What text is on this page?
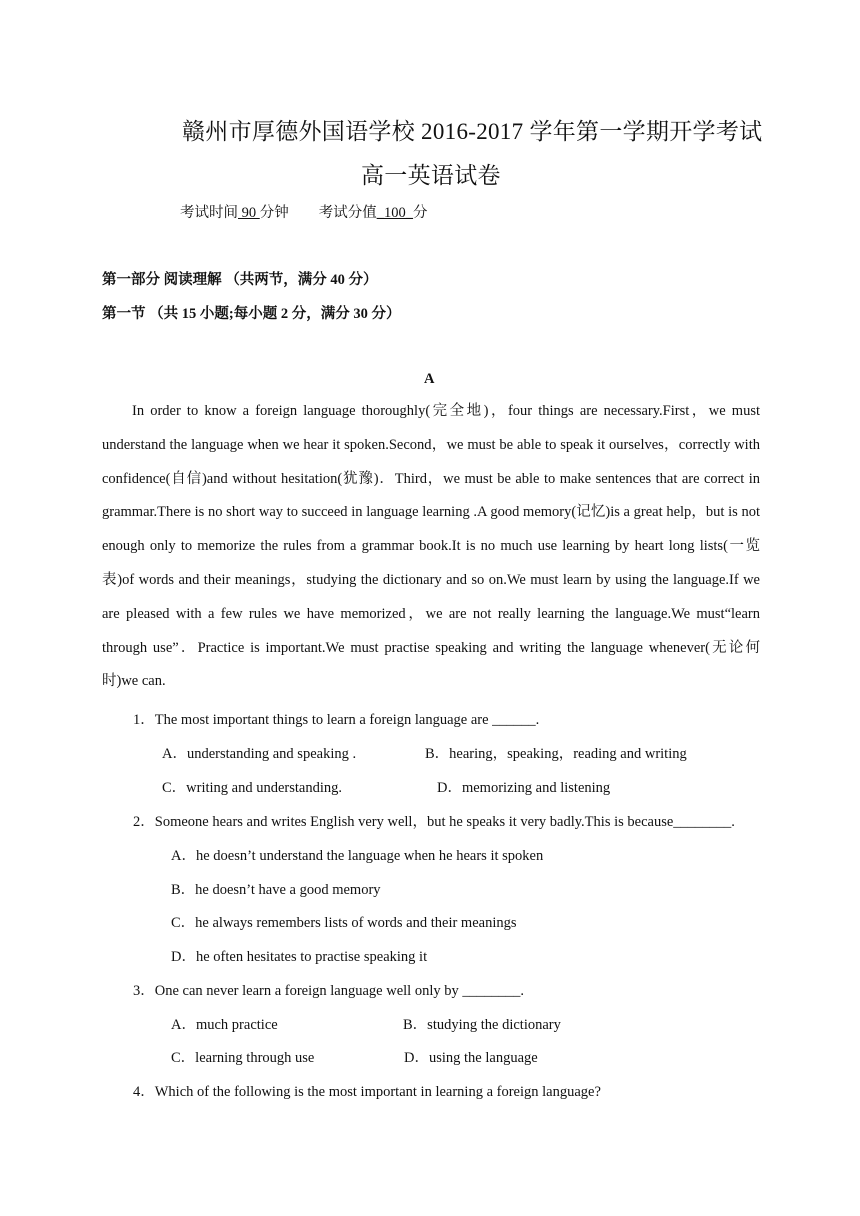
赣州市厚德外国语学校 2016-2017 学年第一学期开学考试
高一英语试卷
考试时间 90 分钟 考试分值_100_分
第一部分 阅读理解 （共两节，满分 40 分）
第一节 （共 15 小题;每小题 2 分，满分 30 分）
A
In order to know a foreign language thoroughly(完全地)，four things are necessary.First，we must understand the language when we hear it spoken.Second，we must be able to speak it ourselves，correctly with confidence(自信)and without hesitation(犹豫)．Third，we must be able to make sentences that are correct in grammar.There is no short way to succeed in language learning .A good memory(记忆)is a great help，but is not enough only to memorize the rules from a grammar book.It is no much use learning by heart long lists(一览表)of words and their meanings，studying the dictionary and so on.We must learn by using the language.If we are pleased with a few rules we have memorized，we are not really learning the language.We must“learn through use”．Practice is important.We must practise speaking and writing the language whenever(无论何时)we can.
1．The most important things to learn a foreign language are ______.
A．understanding and speaking .	B．hearing，speaking，reading and writing
C．writing and understanding.	D．memorizing and listening
2．Someone hears and writes English very well，but he speaks it very badly.This is because________.
A．he doesn’t understand the language when he hears it spoken
B．he doesn’t have a good memory
C．he always remembers lists of words and their meanings
D．he often hesitates to practise speaking it
3．One can never learn a foreign language well only by ________.
A．much practice	B．studying the dictionary
C．learning through use	D．using the language
4．Which of the following is the most important in learning a foreign language?
